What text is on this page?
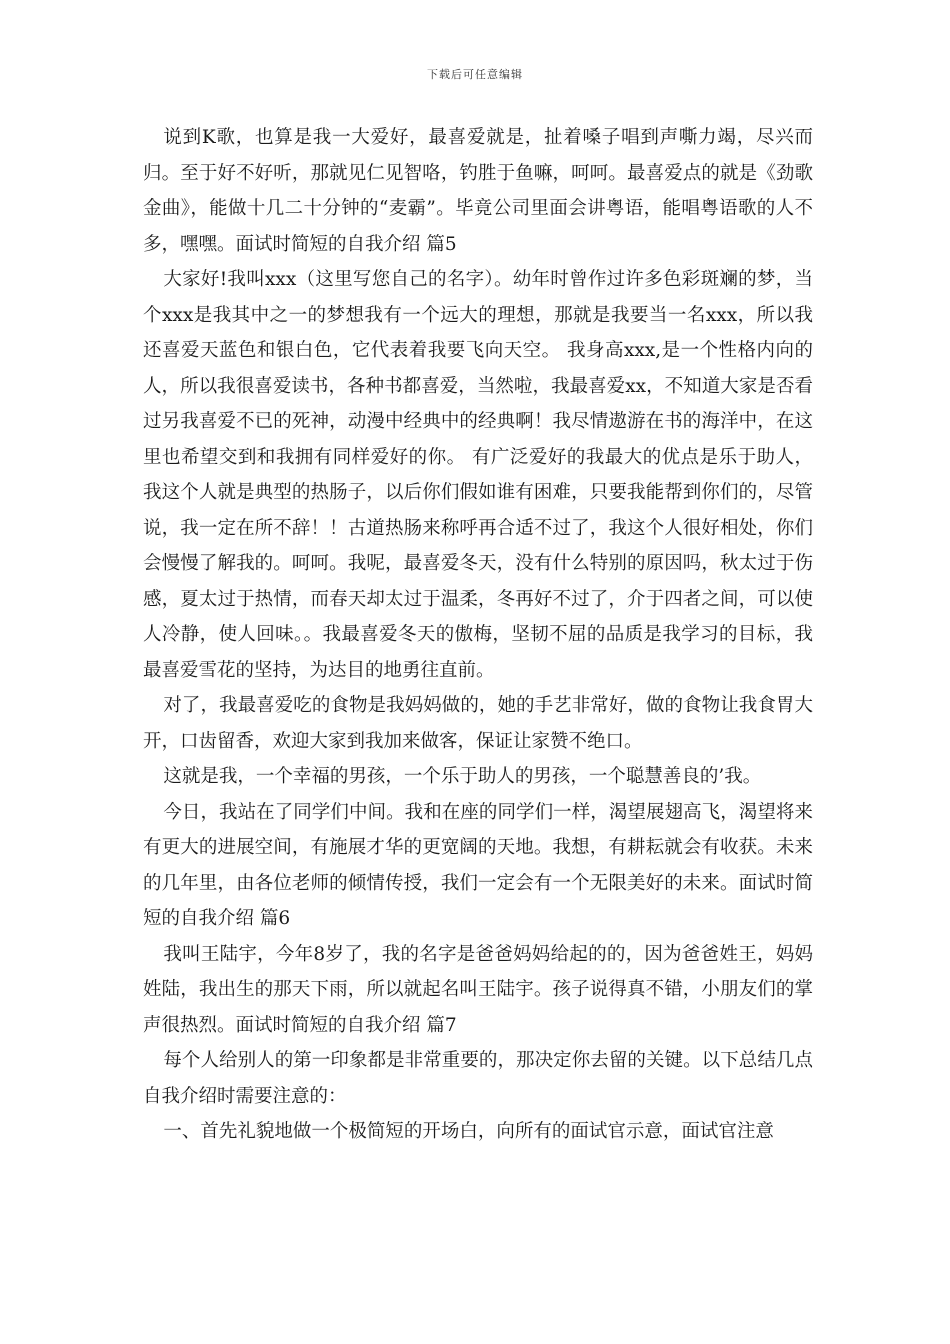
下载后可任意编辑

说到K歌，也算是我一大爱好，最喜爱就是，扯着嗓子唱到声嘶力竭，尽兴而归。至于好不好听，那就见仁见智咯，钓胜于鱼嘛，呵呵。最喜爱点的就是《劲歌金曲》，能做十几二十分钟的“麦霸”。毕竟公司里面会讲粤语，能唱粤语歌的人不多，嘿嘿。面试时简短的自我介绍 篇5

大家好!我叫xxx（这里写您自己的名字）。幼年时曾作过许多色彩斑斓的梦，当个xxx是我其中之一的梦想我有一个远大的理想，那就是我要当一名xxx，所以我还喜爱天蓝色和银白色，它代表着我要飞向天空。 我身高xxx,是一个性格内向的人，所以我很喜爱读书，各种书都喜爱，当然啦，我最喜爱xx，不知道大家是否看过另我喜爱不已的死神，动漫中经典中的经典啊！我尽情遨游在书的海洋中，在这里也希望交到和我拥有同样爱好的你。 有广泛爱好的我最大的优点是乐于助人，我这个人就是典型的热肠子，以后你们假如谁有困难，只要我能帮到你们的，尽管说，我一定在所不辞！！古道热肠来称呼再合适不过了，我这个人很好相处，你们会慢慢了解我的。呵呵。我呢，最喜爱冬天，没有什么特别的原因吗，秋太过于伤感，夏太过于热情，而春天却太过于温柔，冬再好不过了，介于四者之间，可以使人冷静，使人回味。。我最喜爱冬天的傲梅，坚韧不屈的品质是我学习的目标，我最喜爱雪花的坚持，为达目的地勇往直前。

对了，我最喜爱吃的食物是我妈妈做的，她的手艺非常好，做的食物让我食胃大开，口齿留香，欢迎大家到我加来做客，保证让家赞不绝口。

这就是我，一个幸福的男孩，一个乐于助人的男孩，一个聪慧善良的’我。

今日，我站在了同学们中间。我和在座的同学们一样，渴望展翅高飞，渴望将来有更大的进展空间，有施展才华的更宽阔的天地。我想，有耕耘就会有收获。未来的几年里，由各位老师的倾情传授，我们一定会有一个无限美好的未来。面试时简短的自我介绍 篇6

我叫王陆宇，今年8岁了，我的名字是爸爸妈妈给起的的，因为爸爸姓王，妈妈姓陆，我出生的那天下雨，所以就起名叫王陆宇。孩子说得真不错，小朋友们的掌声很热烈。面试时简短的自我介绍 篇7

每个人给别人的第一印象都是非常重要的，那决定你去留的关键。以下总结几点自我介绍时需要注意的：

一、首先礼貌地做一个极简短的开场白，向所有的面试官示意，面试官注意
